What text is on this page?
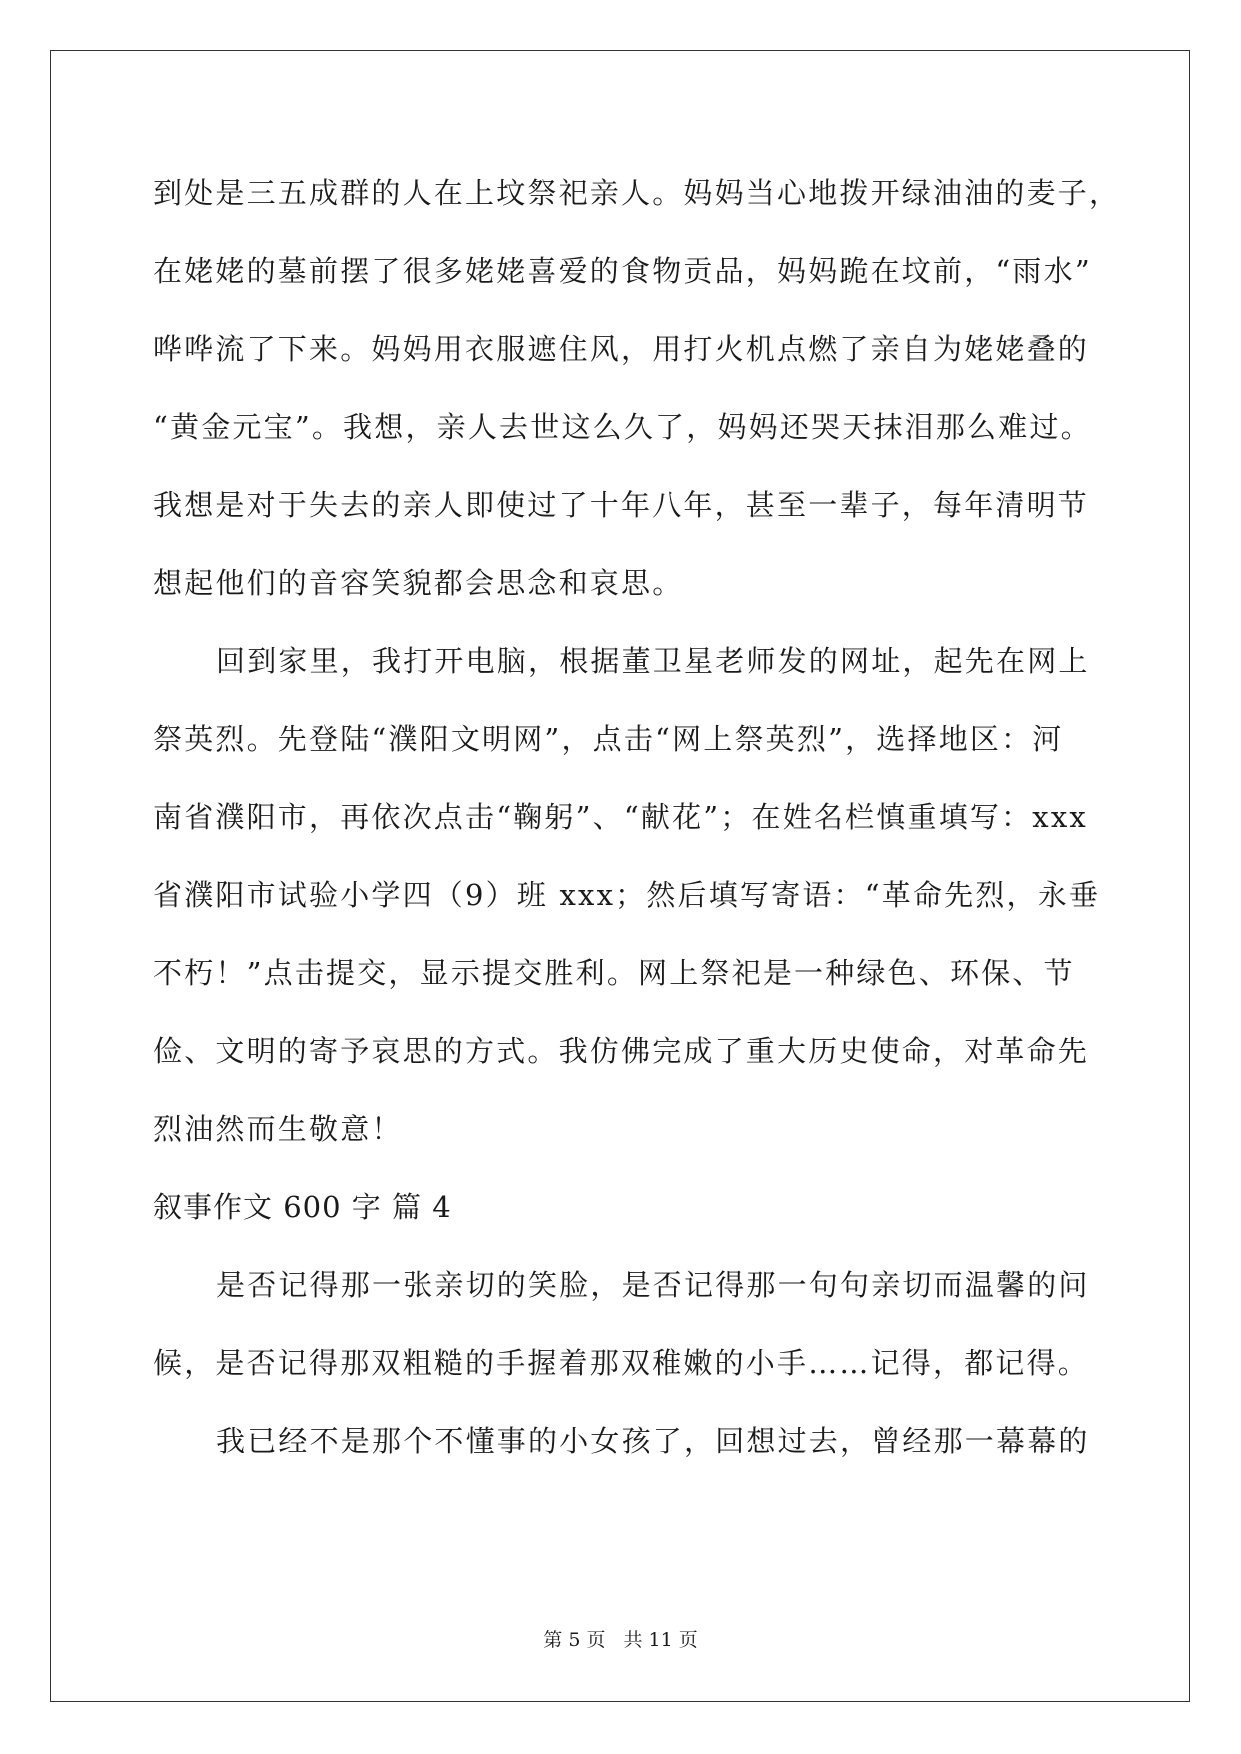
到处是三五成群的人在上坟祭祀亲人。妈妈当心地拨开绿油油的麦子，
在姥姥的墓前摆了很多姥姥喜爱的食物贡品，妈妈跪在坟前，“雨水”
哗哗流了下来。妈妈用衣服遮住风，用打火机点燃了亲自为姥姥叠的
“黄金元宝”。我想，亲人去世这么久了，妈妈还哭天抹泪那么难过。
我想是对于失去的亲人即使过了十年八年，甚至一辈子，每年清明节
想起他们的音容笑貌都会思念和哀思。
回到家里，我打开电脑，根据董卫星老师发的网址，起先在网上
祭英烈。先登陆“濮阳文明网”，点击“网上祭英烈”，选择地区：河
南省濮阳市，再依次点击“鞠躬”、“献花”；在姓名栏慎重填写：xxx
省濮阳市试验小学四（9）班 xxx；然后填写寄语：“革命先烈，永垂
不朽！”点击提交，显示提交胜利。网上祭祀是一种绿色、环保、节
俭、文明的寄予哀思的方式。我仿佛完成了重大历史使命，对革命先
烈油然而生敬意！
叙事作文 600 字 篇 4
是否记得那一张亲切的笑脸，是否记得那一句句亲切而温馨的问
候，是否记得那双粗糙的手握着那双稚嫩的小手……记得，都记得。
我已经不是那个不懂事的小女孩了，回想过去，曾经那一幕幕的
第 5 页 共 11 页
